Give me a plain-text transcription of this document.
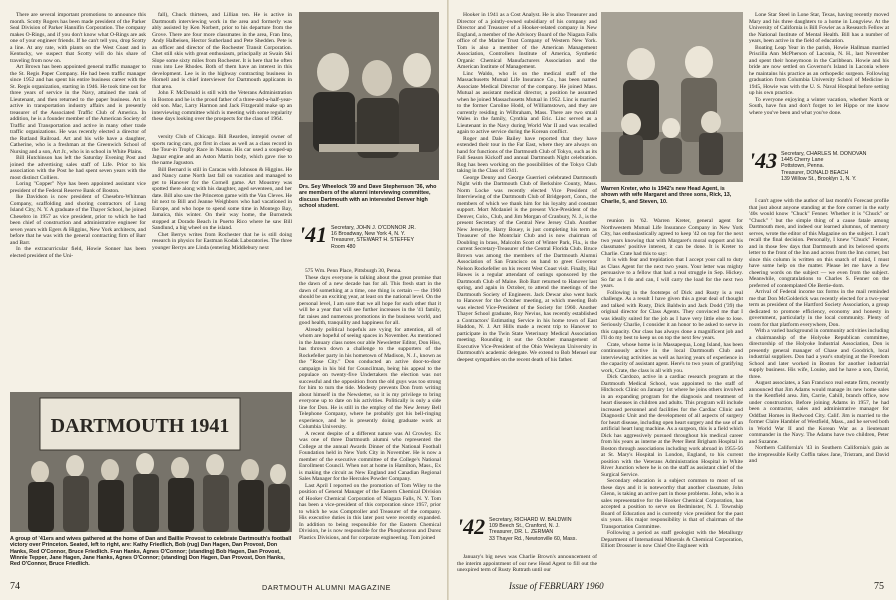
There are several important promotions to announce this month. Scotty Rogers has been made president of the Parker Seal Division of Parker Hannifin Corporation. The company makes O-Rings, and if you don't know what O-Rings are ask one of your engineer friends. If he can't tell you, drop Scotty a line. At any rate, with plants on the West Coast and in Kentucky, we suspect that Scotty will do his share of traveling from now on.

Art Brown has been appointed general traffic manager to the St. Regis Paper Company. He had been traffic manager since 1952 and has spent his entire business career with the St. Regis organization, starting in 1946. He took time out for three years of service in the Navy, attained the rank of Lieutenant, and then returned to the paper business. Art is active in transportation industry affairs and is presently treasurer of the Associated Traffic Club of America. In addition, he is a founder member of the American Society of Traffic and Transportation and active in many other trade traffic organizations. He was recently elected a director of the Rutland Railroad. Art and his wife have a daughter, Catherine, who is a freshman at the Greenwich School of Nursing and a son, Art Jr., who is in school in White Plains.

Bill Hutchinson has left the Saturday Evening Post and joined the advertising sales staff of Life. Prior to his association with the Post he had spent seven years with the most distinct Colliers.

Loring "Copper" Nye has been appointed assistant vice president of the Federal Reserve Bank of Boston.

Ike Davidson is now president of Chesebro-Whitman Company, scaffolding and shoring contractors of Long Island City, N. Y. A graduate of the Thayer School, he joined Chesebro in 1957 as vice president, prior to which he had been chief of construction and administrative engineer for seven years with Egers & Higgins, New York architects, and before that he was with the general contracting firm of Barr and Barr.

In the extracurricular field, Howie Sonner has been elected president of the Uni-

fall), Chuck thirteen, and Lillian ten. He is active in Dartmouth interviewing work in the area and formerly was ably assisted by Ken Norbert, prior to his departure from the Grove. There are four more classmates in the area, Fran Imo, Andy Halbeisen, Hector Sutherland and Pete Shedden. Pete is an officer and director of the Rochester Transit Corporation. Chet still skis with great enthusiasm, principally at Swain Ski Slope some sixty miles from Rochester. It is here that he often runs into Lee Rhodes. Both of them have an interest in this development. Lee is in the highway contracting business in Hornell and is chief interviewer for Dartmouth applicants in that area.

John F. McDonald is still with the Veterans Administration in Boston and he is the proud father of a three-and-a-half-year-old son. Mac, Larry Harmon and Jack Fitzgerald make up an interviewing committee which is meeting with some regularity these days looking over the prospects for the class of 1964.

Drs. Sey Wheelock '39 and Dave Stephenson '36, who are members of the alumni interviewing committee, discuss Dartmouth with an interested Denver high school student.

versity Club of Chicago. Bill Rearden, intrepid owner of sports racing cars, got first in class as well as a class record in the Tour-in Trophy Race in Nassau. His car used a souped-up Jaguar engine and an Aston Martin body, which gave rise to the name Jaguston.

Bill Bernard is still in Caracas with Johnson & Higgins. He and Nancy came North last fall on vacation and managed to get to Hanover for the Cornell game. Art Moustrey was spotted there along with his daughter, aged seventeen, and her date. Bill also saw the Princeton game with the Van Cleves. He hit next to Bill and Jeanne Weighbors who had vacationed in Europe, and who hope to spend some time in Montego Bay, Jamaica, this winter. On their way home, the Burnsteds stopped at Dorado Beach in Puerto Rico where he saw Bill Sandlund, a big wheel on the island.

Chet Berrys writes from Rochester that he is still doing research in physics for Eastman Kodak Laboratories. The three younger Berrys are Linda (entering Middlebury next

'41 Secretary, JOHN J. O'CONNOR JR.
16 Broadway, New York 4, N. Y.
Treasurer, STEWART H. STEFFEY
Room 480

575 Wm. Penn Place, Pittsburgh 30, Penna.

These days everyone is talking about the great promise that the dawn of a new decade has for all. This fresh start in the dawn of something at a time, one thing is certain — the 1960 should be an exciting year, at least on the national level. On the personal level, I am sure that we all hope for each other that it will be a year that will see further increases in the '41 family, fat raises and numerous promotions in the business world, and good health, tranquility and happiness for all.

Already political hopefuls are vying for attention, all of whom are hopeful of seeing spaces in November. As mentioned in the January class notes our able Newsletter Editor, Don Hiss, has thrown down a challenge to the supporters of the Rockefeller party in his hometown of Madison, N. J., known as the "Rose City." Don conducted an active door-to-door campaign in his bid for Councilman, being his appeal to the populace on twenty-five Undertakers the election was not successful and the opposition from the old guys was too strong for him to turn the tide. Modesty prevents Don from writing about himself in the Newsletter, so it is my privilege to bring everyone up to date on his activities. Politically is only a side line for Don. He is still in the employ of the New Jersey Bell Telephone Company, where he probably got his bell-ringing experience, and he is presently doing graduate work at Columbia University.

A recent despite of a different nature was Al Crowley. Ex was one of three Dartmouth alumni who represented the College at the annual Awards Dinner of the National Football Foundation held in New York City in November. He is now a member of the executive committee of the College's National Enrollment Council. When not at home in Hamilton, Mass., Ex is making the circuit as New England and Canadian Regional Sales Manager for the Hercules Powder Company.

Last April I reported on the promotion of Tom Wiley to the position of General Manager of the Eastern Chemical Division of Hooker Chemical Corporation of Niagara Falls, N. Y. Tom has been a vice-president of this corporation since 1957, prior to which he was Comptroller and Treasurer of the company. His executive duties in this later post were recently expanded. In addition to being responsible for the Eastern Chemical Division, he is now responsible for the Phosphorous and Durez Plastics Divisions, and for corporate engineering. Tom joined

DARTMOUTH 1941
A group of '41ers and wives gathered at the home of Dan and Baillie Provost to celebrate Dartmouth's football victory over Princeton. Seated, left to right, are: Kathy Friedlich, Bob (rug) Dan Hagen, Dan Provost, Don Hanks, Red O'Connor, Bruce Friedlich. Fran Hanks, Agnes O'Connor; (standing) Bob Hagen, Dan Provost, Winnie Tepper, Jane Hagen, Jane Hanks, Agnes O'Connor; (standing) Don Hagen, Dan Provost, Don Hanks, Red O'Connor, Bruce Friedlich.
74	DARTMOUTH ALUMNI MAGAZINE

Hooker in 1941 as a Cost Analyst. He is also Treasurer and Director of a jointly-owned subsidiary of his company and Director and Treasurer of a Hooker-related company in New England, a member of the Advisory Board of the Niagara Falls office of the Marine Trust Company of Western New York. Tom is also a member of the American Management Association, Controllers Institute of America, Synthetic Organic Chemical Manufacturers Association and the American Institute of Management.

Linc Waldo, who is on the medical staff of the Massachusetts Mutual Life Insurance Co., has been named Associate Medical Director of the company. He joined Mass. Mutual as assistant medical director, a position he assumed when he joined Massachusetts Mutual in 1952. Linc is married to the former Caroline Hodd, of Williamstown, and they are currently residing in Wilbraham, Mass. There are two small Wales in the family, Cynthia and Eric. Linc served as a Lieutenant in the Navy during World War II and was recalled again to active service during the Korean conflict.

Roger and Dale Bailey have reported that they have extended their tour in the Far East, where they are always on hand for functions of the Dartmouth Club of Tokyo, such as its Fall Season Kickoff and annual Dartmouth Night celebration. Rog has been working on the possibilities of the Tokyo Club taking in the Class of 1941.

George Denny and George Guerrieri celebrated Dartmouth Night with the Dartmouth Club of Berkshire County, Mass. Norm Locke was recently elected Vice President of Interviewing of the Dartmouth Club of Bridgeport, Conn., the members of which we thank him for his loyalty and constant support. Mort Mcdaniel is the present Vice-President of the Denver, Colo., Club, and Jim Morgan of Cranbury, N. J., is the present Secretary of the Central New Jersey Club. Another New Jerseyite, Harry Bouey, is just completing his term as Treasurer of the Montclair Club and is now chairman of Doubling in brass, Malcolm Scott of Winter Park, Fla., is the current Secretary-Treasurer of the Central Florida Club. Bruce Brown was among the members of the Dartmouth Alumni Association of San Francisco on hand to greet Governor Nelson Rockefeller on his recent West Coast visit. Finally, Hal Hawes is a regular attendant of outings sponsored by the Dartmouth Club of Maine. Bob Barr returned to Hanover last spring, and again in October, to attend the meetings of the Dartmouth Society of Engineers. Jack Dewar also went back to Hanover for the October meeting, at which meeting Bob was elected Vice-President of the Society for 1960. Another Thayer School graduate, Roy Nevius, has recently established a Contractors' Estimating Service in his home town of East Haddon, N. J. Art Hills made a recent trip to Hanover to participate in the Twin State Veterinary Medical Association meeting. Rounding it out the October management of Executive Vice-President of the Ohio Wesleyan University in Dartmouth's academic delegate. We extend to Bob Mensel our deepest sympathies on the recent death of his father.

'42 Secretary, RICHARD W. BALDWIN
109 Beech St., Cranford, N. J.
Treasurer, DR. L. ZERMAN
33 Thayer Rd., Newtonville 60, Mass.

January's big news was Charlie Brown's announcement of the interim appointment of our new Head Agent to fill out the unexpired term of Rusty Ruttrath until our

Warren Kreter, who is 1942's new Head Agent, is shown with wife Margaret and three sons, Rick, 13, Charlie, 5, and Steven, 10.

reunion in '62. Warren Kreter, general agent for Northwestern Mutual Life Insurance Company in New York City, has enthusiastically agreed to keep '42 on top for the next two years knowing that with Margaret's moral support and his classmates' positive interest, it can be done. It is Kreter to Charlie. Crate had this to say:

It is with fear and trepidation that I accept your call to duty as Class Agent for the next two years. Your letter was mighty persuasive to a fellow that had a real struggle in Sep. Hickey. So far as I do and can, I will carry the load for the next two years.

Following in the footsteps of Dick and Rusty is a real challenge. As a result I have given this a great deal of thought and talked with Rusty, Dick Baldwin and Jack Dodd ('39) the original director for Class Agents. They convinced me that I was ideally suited for the job as I have very little else to lose. Seriously Charlie, I consider it an honor to be asked to serve in this capacity. Our class has always done a magnificent job and I'll do my best to keep us on top the next few years.

Crate, whose home is in Massapequa, Long Island, has been continuously active in the local Dartmouth Club and interviewing activities as well as having years of experience in the capacity of assistant agent. Here's to two years of gratifying work, Crate, the class is all with you.

Dick Cardozo, active in a cardiac research program at the Dartmouth Medical School, was appointed to the staff of Hitchcock Clinic on January 1st where he joins others involved in an expanding program for the diagnosis and treatment of heart diseases in children and adults. This program will include increased personnel and facilities for the Cardiac Clinic and Diagnostic Unit and the development of all aspects of surgery for heart disease, including open heart surgery and the use of an artificial heart lung machine. As a surgeon, this is a field which Dick has aggressively pursued throughout his medical career from his years as interne at the Peter Bent Brigham Hospital in Boston through associations including work abroad in 1955-56 at St. Mary's Hospital in London, England, to his current position with the Veterans Administration Hospital in White River Junction where he is on the staff as assistant chief of the Surgical Service.

Secondary education is a subject common to most of us these days and it is noteworthy that another classmate, John Glenn, is taking an active part in those problems. John, who is a sales representative for the Hooker Chemical Corporation, has accepted a position to serve on Bedminster, N. J. Township Board of Education and is currently vice president for the past six years. His major responsibility is that of chairman of the Transportation Committee.

Following a period as staff geologist with the Metallurgy Department of International Minerals & Chemical Corporation, Elliott Drossner is now Chief Ore Engineer with

Lone Star Steel in Lone Star, Texas, having recently moved Mary and his three daughters to a home in Longview. At the University of California is Bill Fowler as a Research Fellow at the National Institute of Mental Health. Bill has a number of years, been active in the field of education.

Boating Leap Year in the parish, Howie Hallman married Priscilla Ann McPherson of Laconia, N. H., last November and spent their honeymoon in the Caribbean. Howie and his bride are now settled on Governor's Island in Laconia where he maintains his practice as an orthopedic surgeon. Following graduation from Columbia University School of Medicine in 1945, Howie was with the U. S. Naval Hospital before setting up his own practice.

To everyone enjoying a winter vacation, whether North or South, have fun and don't forget to let Hippo or me know where you've been and what you've done.

'43 Secretary, CHARLES M. DONOVAN
1445 Cherry Lane
Pottstown, Penna.
Treasurer, DONALD BEACH
139 Willow St., Brooklyn 1, N. Y.

I can't agree with the author of last month's Forecast profile that just about anyone standing at the fore corner in the early '40s would know "Chuck" Fenner. Whether it is "Chuck" or "Chuck" ' but the simple thing of a cause fatale among Dartmouth men, and indeed our learned alumnus, of memory serves, wrote the editor of this Magazine on the subject. I can't recall the final decision. Personally, I knew "Chuck" Fenner, and in those few days that Dartmouth and its beloved sports letter to the front of the Inn and across from the Inn corner, but since this column is written on this snatch of mind, I must have some help on the matter. Please let me have a few cheering words on the subject — we even from the subject. Meanwhile, congratulations to Charles S. Fenner on the preferred of contemplated Ole Bertie-dom.

Arrival of Federal income tax forms in the mail reminded me that Don McGolderick was recently elected for a two-year term as president of the Hartford Society Association, a group dedicated to promote efficiency, economy and honesty in government, particularly in the local community. Plenty of room for that platform everywhere, Don.

With a varied background in community activities including a chairmanship of the Holyoke Republican committee, directorship of the Holyoke Industrial Association, Don is presently general manager of Chase and Goodrich, local industrial suppliers. Don had a year's studying at the Freedom School and later worked in Boston for another industrial supply business. His wife, Louise, and he have a son, David, three.

August associates, a San Francisco real estate firm, recently announced that Jim Adams would manage its new home sales in the Kentfield area. Jim, Carrie, Cahill, branch office, now under construction. Before joining Adams in 1957, he had been a contractor, sales and administrative manager for Oddfast Homes in Redwood City. Calif. Jim is married to the former Claire Hambler of Westfield, Mass., and he served both in World War II and the Korean War as a lieutenant commander in the Navy. The Adams have two children, Peter and Suzanne.

Northern California's '43 in Southern California's gain as the irrepressible Kelly Coffin takes Jane, Tristram, and David and

Issue of FEBRUARY 1960	75
